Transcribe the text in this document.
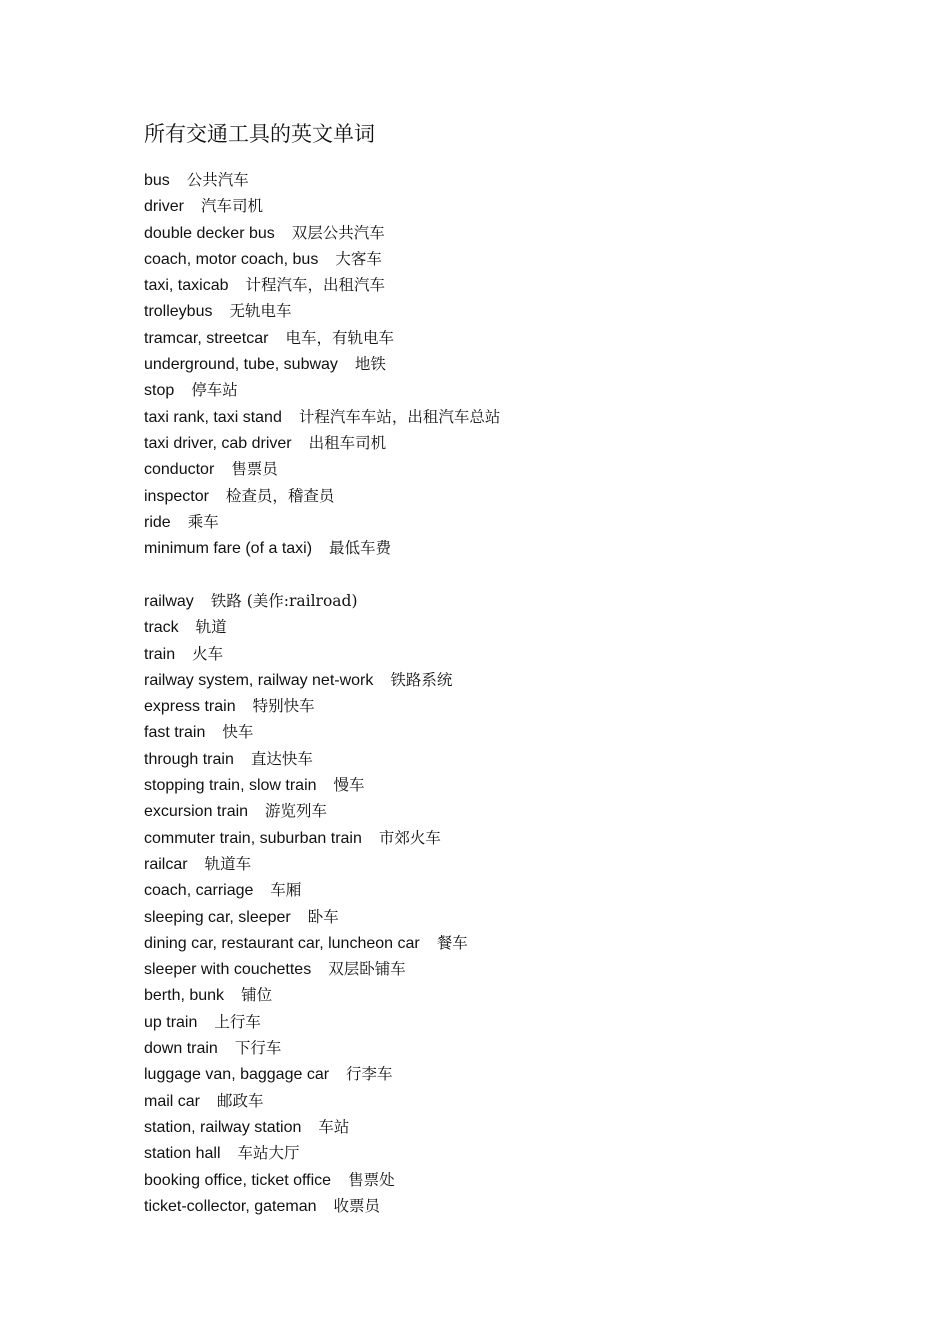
所有交通工具的英文单词
bus 公共汽车
driver 汽车司机
double decker bus 双层公共汽车
coach, motor coach, bus 大客车
taxi, taxicab 计程汽车，出租汽车
trolleybus 无轨电车
tramcar, streetcar 电车，有轨电车
underground, tube, subway 地铁
stop 停车站
taxi rank, taxi stand 计程汽车车站，出租汽车总站
taxi driver, cab driver 出租车司机
conductor 售票员
inspector 检查员，稽查员
ride 乘车
minimum fare (of a taxi) 最低车费
railway 铁路 (美作:railroad)
track 轨道
train 火车
railway system, railway net-work 铁路系统
express train 特别快车
fast train 快车
through train 直达快车
stopping train, slow train 慢车
excursion train 游览列车
commuter train, suburban train 市郊火车
railcar 轨道车
coach, carriage 车厢
sleeping car, sleeper 卧车
dining car, restaurant car, luncheon car 餐车
sleeper with couchettes 双层卧铺车
berth, bunk 铺位
up train 上行车
down train 下行车
luggage van, baggage car 行李车
mail car 邮政车
station, railway station 车站
station hall 车站大厅
booking office, ticket office 售票处
ticket-collector, gateman 收票员
